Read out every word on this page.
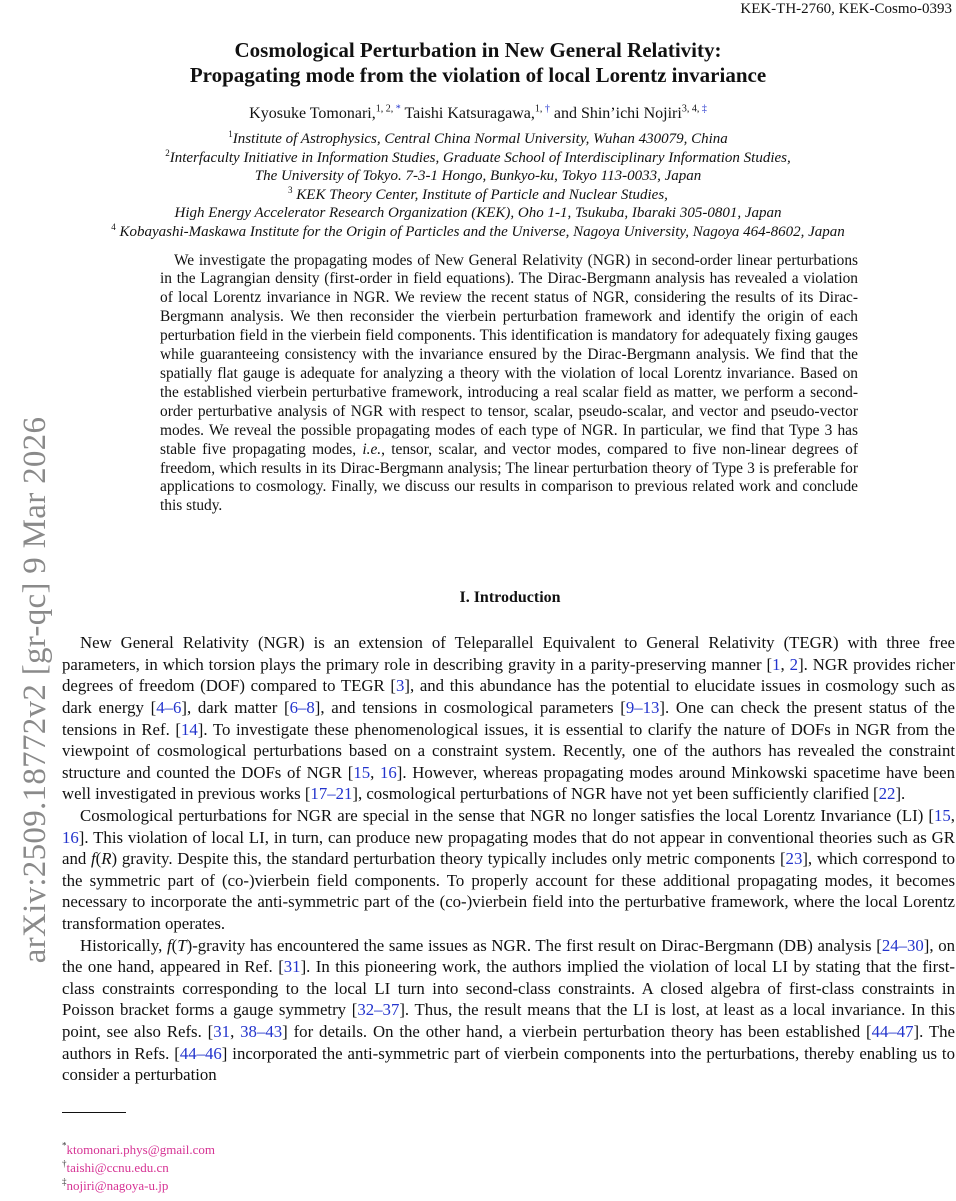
KEK-TH-2760, KEK-Cosmo-0393
arXiv:2509.18772v2 [gr-qc] 9 Mar 2026
Cosmological Perturbation in New General Relativity:
Propagating mode from the violation of local Lorentz invariance
Kyosuke Tomonari,$^{1, 2, *}$ Taishi Katsuragawa,$^{1, \dagger}$ and Shin’ichi Nojiri$^{3, 4, \ddagger}$
$^1$Institute of Astrophysics, Central China Normal University, Wuhan 430079, China
$^2$Interfaculty Initiative in Information Studies, Graduate School of Interdisciplinary Information Studies,
The University of Tokyo. 7-3-1 Hongo, Bunkyo-ku, Tokyo 113-0033, Japan
$^3$ KEK Theory Center, Institute of Particle and Nuclear Studies,
High Energy Accelerator Research Organization (KEK), Oho 1-1, Tsukuba, Ibaraki 305-0801, Japan
$^4$ Kobayashi-Maskawa Institute for the Origin of Particles and the Universe, Nagoya University, Nagoya 464-8602, Japan
We investigate the propagating modes of New General Relativity (NGR) in second-order linear perturbations in the Lagrangian density (first-order in field equations). The Dirac-Bergmann analysis has revealed a violation of local Lorentz invariance in NGR. We review the recent status of NGR, considering the results of its Dirac-Bergmann analysis. We then reconsider the vierbein perturbation framework and identify the origin of each perturbation field in the vierbein field components. This identification is mandatory for adequately fixing gauges while guaranteeing consistency with the invariance ensured by the Dirac-Bergmann analysis. We find that the spatially flat gauge is adequate for analyzing a theory with the violation of local Lorentz invariance. Based on the established vierbein perturbative framework, introducing a real scalar field as matter, we perform a second-order perturbative analysis of NGR with respect to tensor, scalar, pseudo-scalar, and vector and pseudo-vector modes. We reveal the possible propagating modes of each type of NGR. In particular, we find that Type 3 has stable five propagating modes, i.e., tensor, scalar, and vector modes, compared to five non-linear degrees of freedom, which results in its Dirac-Bergmann analysis; The linear perturbation theory of Type 3 is preferable for applications to cosmology. Finally, we discuss our results in comparison to previous related work and conclude this study.
I. Introduction

New General Relativity (NGR) is an extension of Teleparallel Equivalent to General Relativity (TEGR) with three free parameters, in which torsion plays the primary role in describing gravity in a parity-preserving manner [1, 2]. NGR provides richer degrees of freedom (DOF) compared to TEGR [3], and this abundance has the potential to elucidate issues in cosmology such as dark energy [4–6], dark matter [6–8], and tensions in cosmological parameters [9–13]. One can check the present status of the tensions in Ref. [14]. To investigate these phenomenological issues, it is essential to clarify the nature of DOFs in NGR from the viewpoint of cosmological perturbations based on a constraint system. Recently, one of the authors has revealed the constraint structure and counted the DOFs of NGR [15, 16]. However, whereas propagating modes around Minkowski spacetime have been well investigated in previous works [17–21], cosmological perturbations of NGR have not yet been sufficiently clarified [22].

Cosmological perturbations for NGR are special in the sense that NGR no longer satisfies the local Lorentz Invariance (LI) [15, 16]. This violation of local LI, in turn, can produce new propagating modes that do not appear in conventional theories such as GR and f(R) gravity. Despite this, the standard perturbation theory typically includes only metric components [23], which correspond to the symmetric part of (co-)vierbein field components. To properly account for these additional propagating modes, it becomes necessary to incorporate the anti-symmetric part of the (co-)vierbein field into the perturbative framework, where the local Lorentz transformation operates.

Historically, f(T)-gravity has encountered the same issues as NGR. The first result on Dirac-Bergmann (DB) analysis [24–30], on the one hand, appeared in Ref. [31]. In this pioneering work, the authors implied the violation of local LI by stating that the first-class constraints corresponding to the local LI turn into second-class constraints. A closed algebra of first-class constraints in Poisson bracket forms a gauge symmetry [32–37]. Thus, the result means that the LI is lost, at least as a local invariance. In this point, see also Refs. [31, 38–43] for details. On the other hand, a vierbein perturbation theory has been established [44–47]. The authors in Refs. [44–46] incorporated the anti-symmetric part of vierbein components into the perturbations, thereby enabling us to consider a perturbation

*ktomonari.phys@gmail.com
†taishi@ccnu.edu.cn
‡nojiri@nagoya-u.jp
